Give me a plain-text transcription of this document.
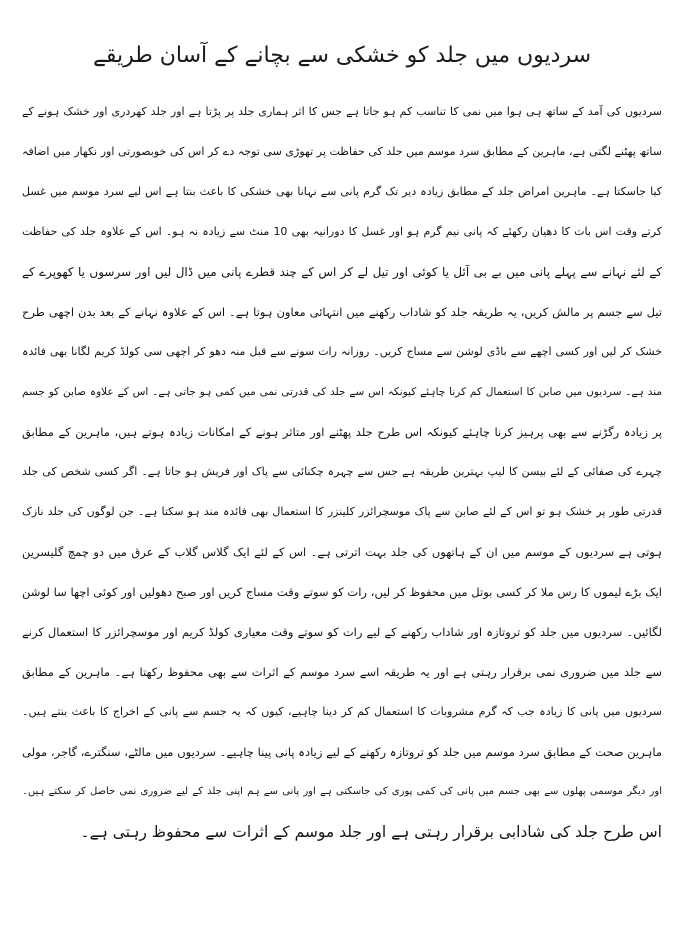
سردیوں میں جلد کو خشکی سے بچانے کے آسان طریقے
سردیوں کی آمد کے ساتھ ہی ہوا میں نمی کا تناسب کم ہو جاتا ہے جس کا اثر ہماری جلد پر پڑتا ہے اور جلد کھردری اور خشک ہونے کے
ساتھ پھٹنے لگتی ہے، ماہرین کے مطابق سرد موسم میں جلد کی حفاظت پر تھوڑی سی توجہ دے کر اس کی خوبصورتی اور نکھار میں اضافہ
کیا جاسکتا ہے۔ ماہرین امراض جلد کے مطابق زیادہ دیر تک گرم پانی سے نہانا بھی خشکی کا باعث بنتا ہے اس لیے سرد موسم میں غسل
کرتے وقت اس بات کا دھیان رکھئے کہ پانی نیم گرم ہو اور غسل کا دورانیہ بھی 10 منٹ سے زیادہ نہ ہو۔ اس کے علاوہ جلد کی حفاظت
کے لئے نہانے سے پہلے پانی میں بے بی آئل یا کوئی اور تیل لے کر اس کے چند قطرے پانی میں ڈال لیں اور سرسوں یا کھوپرے کے
تیل سے جسم پر مالش کریں، یہ طریقہ جلد کو شاداب رکھنے میں انتہائی معاون ہوتا ہے۔ اس کے علاوہ نہانے کے بعد بدن اچھی طرح
خشک کر لیں اور کسی اچھے سے باڈی لوشن سے مساج کریں۔ روزانہ رات سونے سے قبل منہ دھو کر اچھی سی کولڈ کریم لگانا بھی فائدہ
مند ہے۔ سردیوں میں صابن کا استعمال کم کرنا چاہئے کیونکہ اس سے جلد کی قدرتی نمی میں کمی ہو جاتی ہے۔ اس کے علاوہ صابن کو جسم
پر زیادہ رگڑنے سے بھی پرہیز کرنا چاہئے کیونکہ اس طرح جلد پھٹنے اور متاثر ہونے کے امکانات زیادہ ہوتے ہیں، ماہرین کے مطابق
چہرے کی صفائی کے لئے بیسن کا لیپ بہترین طریقہ ہے جس سے چہرہ چکنائی سے پاک اور فریش ہو جاتا ہے۔ اگر کسی شخص کی جلد
قدرتی طور پر خشک ہو تو اس کے لئے صابن سے پاک موسچرائزر کلینزر کا استعمال بھی فائدہ مند ہو سکتا ہے۔ جن لوگوں کی جلد نازک
ہوتی ہے سردیوں کے موسم میں ان کے ہاتھوں کی جلد بہت اترتی ہے۔ اس کے لئے ایک گلاس گلاب کے عرق میں دو چمچ گلیسرین
ایک بڑے لیموں کا رس ملا کر کسی بوتل میں محفوظ کر لیں، رات کو سوتے وقت مساج کریں اور صبح دھولیں اور کوئی اچھا سا لوشن
لگائیں۔ سردیوں میں جلد کو تروتازہ اور شاداب رکھنے کے لیے رات کو سوتے وقت معیاری کولڈ کریم اور موسچرائزر کا استعمال کرنے
سے جلد میں ضروری نمی برقرار رہتی ہے اور یہ طریقہ اسے سرد موسم کے اثرات سے بھی محفوظ رکھتا ہے۔ ماہرین کے مطابق
سردیوں میں پانی کا زیادہ جب کہ گرم مشروبات کا استعمال کم کر دینا چاہیے، کیوں کہ یہ جسم سے پانی کے اخراج کا باعث بنتے ہیں۔
ماہرین صحت کے مطابق سرد موسم میں جلد کو تروتازہ رکھنے کے لیے زیادہ پانی پینا چاہیے۔ سردیوں میں مالٹے، سنگترے، گاجر، مولی
اور دیگر موسمی پھلوں سے بھی جسم میں پانی کی کمی پوری کی جاسکتی ہے اور پانی سے ہم اپنی جلد کے لیے ضروری نمی حاصل کر سکتے ہیں۔
اس طرح جلد کی شادابی برقرار رہتی ہے اور جلد موسم کے اثرات سے محفوظ رہتی ہے۔
